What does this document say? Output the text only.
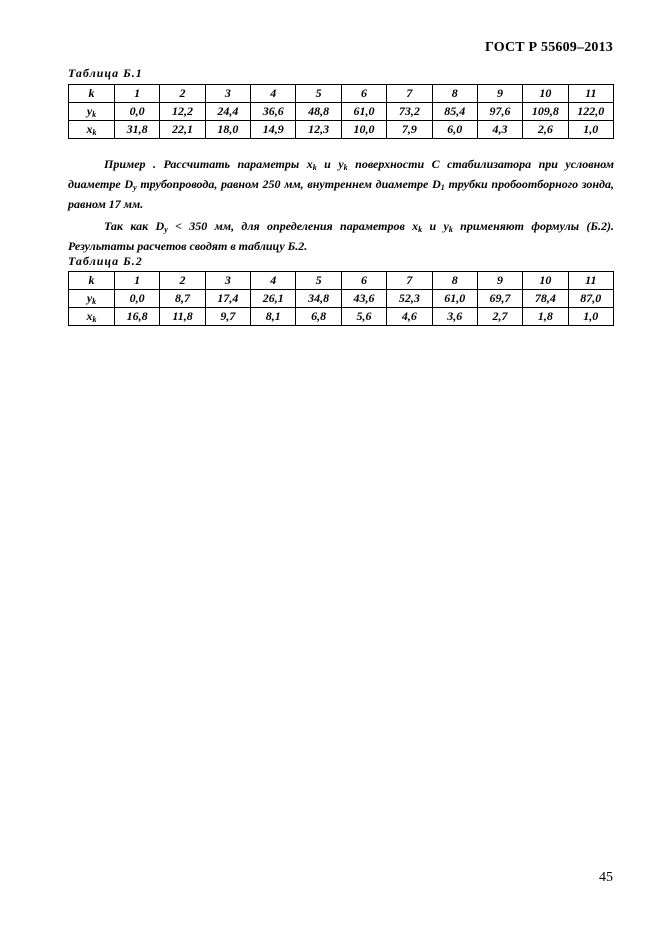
ГОСТ Р 55609–2013
Таблица Б.1
k	1	2	3	4	5	6	7	8	9	10	11
$y_k$	0,0	12,2	24,4	36,6	48,8	61,0	73,2	85,4	97,6	109,8	122,0
$x_k$	31,8	22,1	18,0	14,9	12,3	10,0	7,9	6,0	4,3	2,6	1,0
Пример . Рассчитать параметры $x_k$ и $y_k$ поверхности С стабилизатора при условном диаметре $D_y$ трубопровода, равном 250 мм, внутреннем диаметре $D_1$ трубки пробоотборного зонда, равном 17 мм.
Так как $D_y < 350$ мм, для определения параметров $x_k$ и $y_k$ применяют формулы (Б.2). Результаты расчетов сводят в таблицу Б.2.
Таблица Б.2
k	1	2	3	4	5	6	7	8	9	10	11
$y_k$	0,0	8,7	17,4	26,1	34,8	43,6	52,3	61,0	69,7	78,4	87,0
$x_k$	16,8	11,8	9,7	8,1	6,8	5,6	4,6	3,6	2,7	1,8	1,0
45
